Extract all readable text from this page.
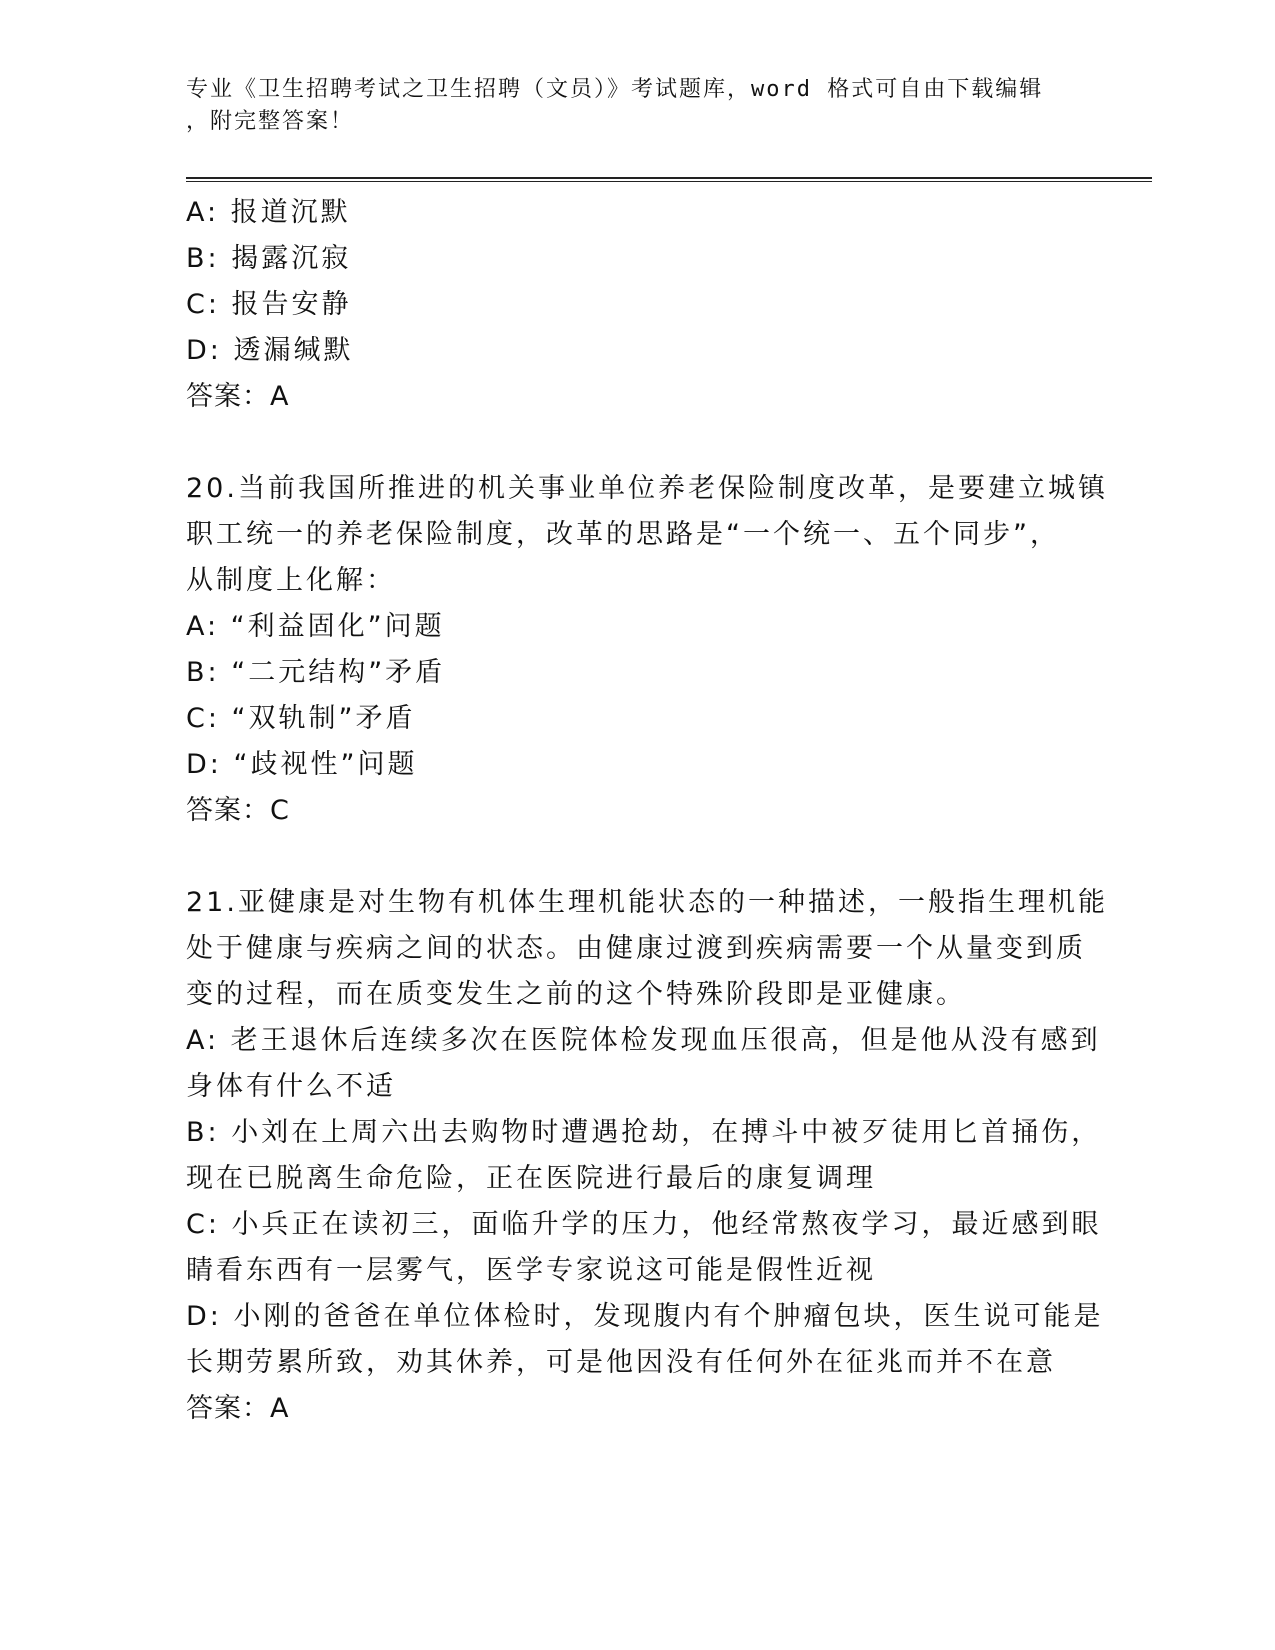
专业《卫生招聘考试之卫生招聘（文员）》考试题库，word 格式可自由下载编辑
，附完整答案！
A: 报道沉默
B: 揭露沉寂
C: 报告安静
D: 透漏缄默
答案：A
20.当前我国所推进的机关事业单位养老保险制度改革，是要建立城镇
职工统一的养老保险制度，改革的思路是“一个统一、五个同步”，
从制度上化解：
A: “利益固化”问题
B: “二元结构”矛盾
C: “双轨制”矛盾
D: “歧视性”问题
答案：C
21.亚健康是对生物有机体生理机能状态的一种描述，一般指生理机能
处于健康与疾病之间的状态。由健康过渡到疾病需要一个从量变到质
变的过程，而在质变发生之前的这个特殊阶段即是亚健康。
A: 老王退休后连续多次在医院体检发现血压很高，但是他从没有感到
身体有什么不适
B: 小刘在上周六出去购物时遭遇抢劫，在搏斗中被歹徒用匕首捅伤，
现在已脱离生命危险，正在医院进行最后的康复调理
C: 小兵正在读初三，面临升学的压力，他经常熬夜学习，最近感到眼
睛看东西有一层雾气，医学专家说这可能是假性近视
D: 小刚的爸爸在单位体检时，发现腹内有个肿瘤包块，医生说可能是
长期劳累所致，劝其休养，可是他因没有任何外在征兆而并不在意
答案：A
